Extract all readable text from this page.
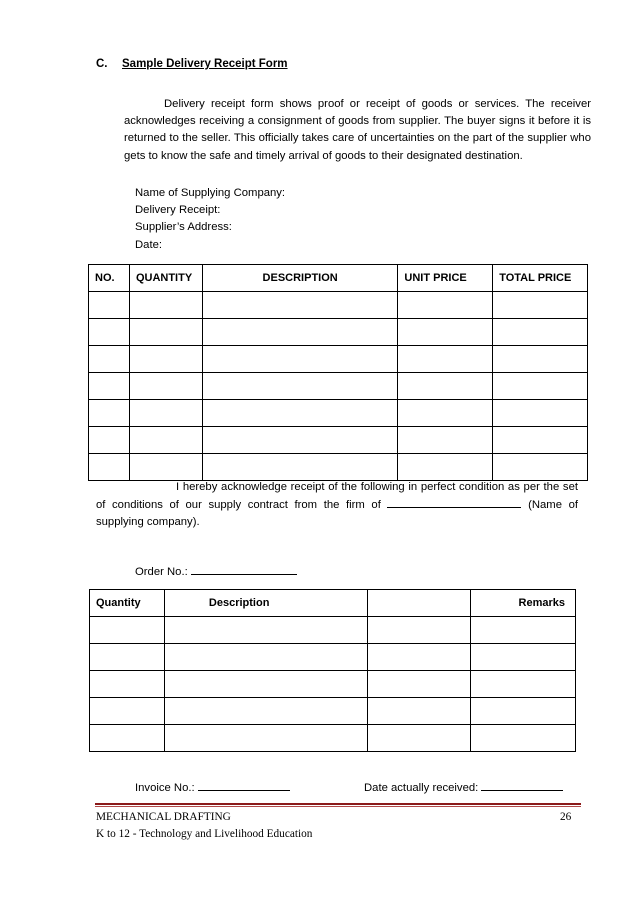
C. Sample Delivery Receipt Form
Delivery receipt form shows proof or receipt of goods or services. The receiver acknowledges receiving a consignment of goods from supplier. The buyer signs it before it is returned to the seller. This officially takes care of uncertainties on the part of the supplier who gets to know the safe and timely arrival of goods to their designated destination.
Name of Supplying Company:
Delivery Receipt:
Supplier’s Address:
Date:
NO.	QUANTITY	DESCRIPTION	UNIT PRICE	TOTAL PRICE

I hereby acknowledge receipt of the following in perfect condition as per the set of conditions of our supply contract from the firm of	(Name of supplying company).
Order No.:
Quantity	Description		Remarks

Invoice No.:	Date actually received:
MECHANICAL DRAFTING
K to 12 - Technology and Livelihood Education
26
